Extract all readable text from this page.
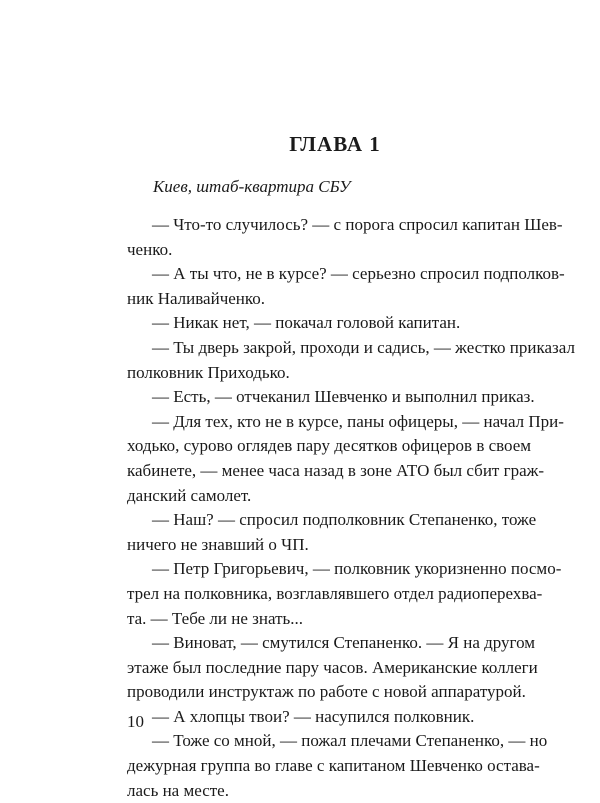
ГЛАВА 1

Киев, штаб-квартира СБУ

— Что-то случилось? — с порога спросил капитан Шев-
ченко.
— А ты что, не в курсе? — серьезно спросил подполков-
ник Наливайченко.
— Никак нет, — покачал головой капитан.
— Ты дверь закрой, проходи и садись, — жестко приказал
полковник Приходько.
— Есть, — отчеканил Шевченко и выполнил приказ.
— Для тех, кто не в курсе, паны офицеры, — начал При-
ходько, сурово оглядев пару десятков офицеров в своем
кабинете, — менее часа назад в зоне АТО был сбит граж-
данский самолет.
— Наш? — спросил подполковник Степаненко, тоже
ничего не знавший о ЧП.
— Петр Григорьевич, — полковник укоризненно посмо-
трел на полковника, возглавлявшего отдел радиоперехва-
та. — Тебе ли не знать...
— Виноват, — смутился Степаненко. — Я на другом
этаже был последние пару часов. Американские коллеги
проводили инструктаж по работе с новой аппаратурой.
— А хлопцы твои? — насупился полковник.
— Тоже со мной, — пожал плечами Степаненко, — но
дежурная группа во главе с капитаном Шевченко остава-
лась на месте.

10
